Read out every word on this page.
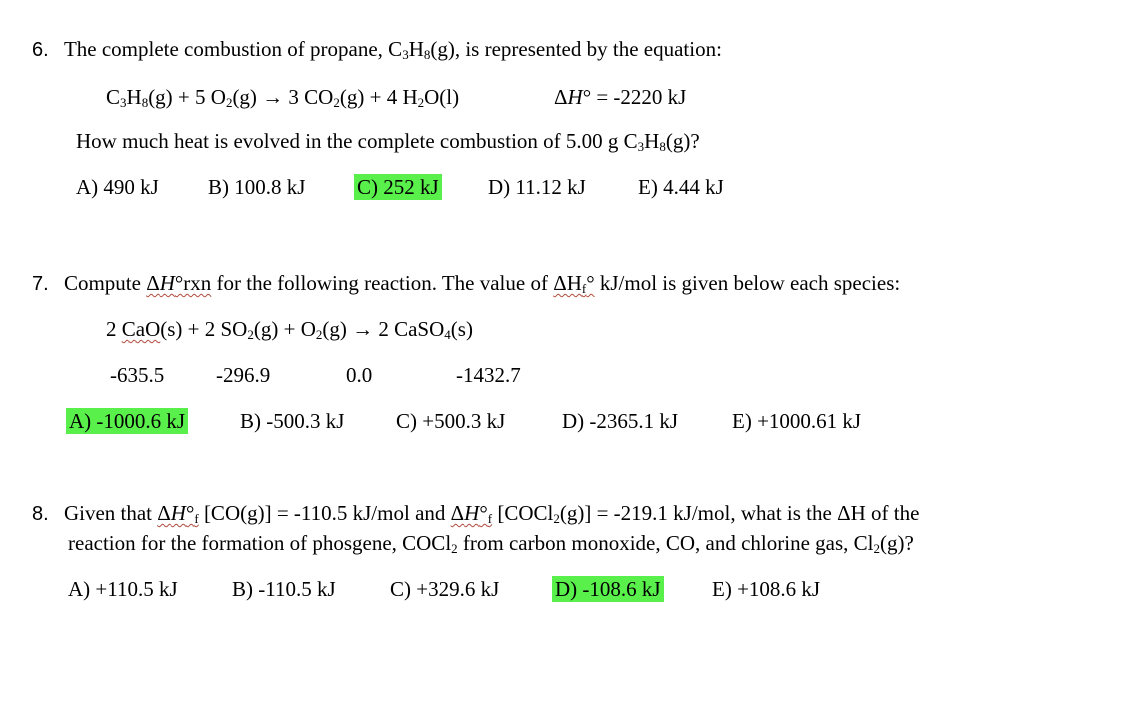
6. The complete combustion of propane, $C_3H_8(g)$, is represented by the equation:
$C_3H_8(g) + 5$ $O_2(g) \to 3$ $CO_2(g) + 4$ $H_2O(l)$	ΔH° = -2220 kJ
How much heat is evolved in the complete combustion of 5.00 g $C_3H_8(g)$?
A) 490 kJ B) 100.8 kJ C) 252 kJ D) 11.12 kJ E) 4.44 kJ
7. Compute ΔH°rxn for the following reaction. The value of $\Delta H_f^\circ$ kJ/mol is given below each species:
2 CaO(s) + 2 $SO_2(g) + O_2(g) \to 2$ CaSO$_4$(s)
-635.5 -296.9	0.0	-1432.7
A) -1000.6 kJ	B) -500.3 kJ C) +500.3 kJ	D) -2365.1 kJ	E) +1000.61 kJ
8. Given that $\Delta H^\circ_f$ [CO(g)] = -110.5 kJ/mol and $\Delta H^\circ_f$ [COCl$_2$(g)] = -219.1 kJ/mol, what is the ΔH of the
reaction for the formation of phosgene, COCl$_2$ from carbon monoxide, CO, and chlorine gas, $Cl_2(g)$?
A) +110.5 kJ	B) -110.5 kJ	C) +329.6 kJ	D) -108.6 kJ E) +108.6 kJ
